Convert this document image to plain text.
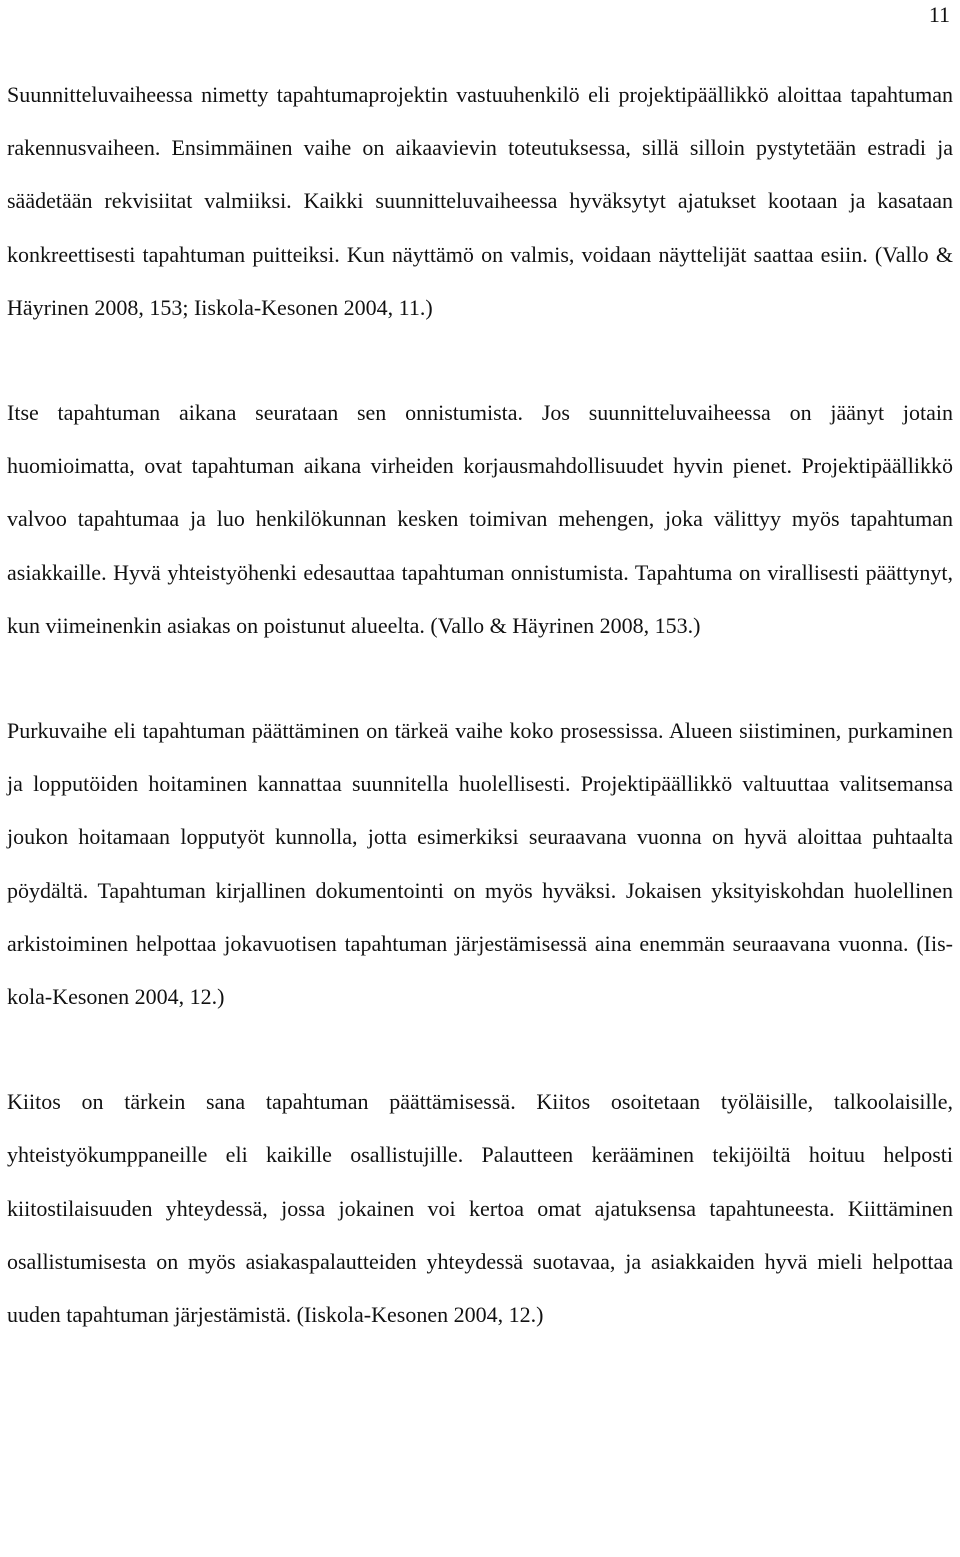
11

Suunnitteluvaiheessa nimetty tapahtumaprojektin vastuuhenkilö eli projektipäällikkö aloittaa tapahtuman rakennusvaiheen. Ensimmäinen vaihe on aikaavievin toteutuksessa, sillä silloin pystytetään estradi ja säädetään rekvisiitat valmiiksi. Kaikki suunnitteluvaiheessa hyväksytyt ajatukset kootaan ja kasataan konkreettisesti tapahtuman puitteiksi. Kun näyttämö on valmis, voidaan näyttelijät saattaa esiin. (Vallo & Häyrinen 2008, 153; Iiskola-Kesonen 2004, 11.)

Itse tapahtuman aikana seurataan sen onnistumista. Jos suunnitteluvaiheessa on jäänyt jotain huomioimatta, ovat tapahtuman aikana virheiden korjausmahdollisuudet hyvin pienet. Projektipäällikkö valvoo tapahtumaa ja luo henkilökunnan kesken toimivan mehengen, joka välittyy myös tapahtuman asiakkaille. Hyvä yhteistyöhenki edesauttaa tapahtuman onnistumista. Tapahtuma on virallisesti päättynyt, kun viimeinenkin asiakas on poistunut alueelta. (Vallo & Häyrinen 2008, 153.)

Purkuvaihe eli tapahtuman päättäminen on tärkeä vaihe koko prosessissa. Alueen siistiminen, purkaminen ja lopputöiden hoitaminen kannattaa suunnitella huolellisesti. Projektipäällikkö valtuuttaa valitsemansa joukon hoitamaan lopputyöt kunnolla, jotta esimerkiksi seuraavana vuonna on hyvä aloittaa puhtaalta pöydältä. Tapahtuman kirjallinen dokumentointi on myös hyväksi. Jokaisen yksityiskohdan huolellinen arkistoiminen helpottaa jokavuotisen tapahtuman järjestämisessä aina enemmän seuraavana vuonna. (Iiskola-Kesonen 2004, 12.)

Kiitos on tärkein sana tapahtuman päättämisessä. Kiitos osoitetaan työläisille, talkoolaisille, yhteistyökumppaneille eli kaikille osallistujille. Palautteen kerääminen tekijöiltä hoituu helposti kiitostilaisuuden yhteydessä, jossa jokainen voi kertoa omat ajatuksensa tapahtuneesta. Kiittäminen osallistumisesta on myös asiakaspalautteiden yhteydessä suotavaa, ja asiakkaiden hyvä mieli helpottaa uuden tapahtuman järjestämistä. (Iiskola-Kesonen 2004, 12.)
